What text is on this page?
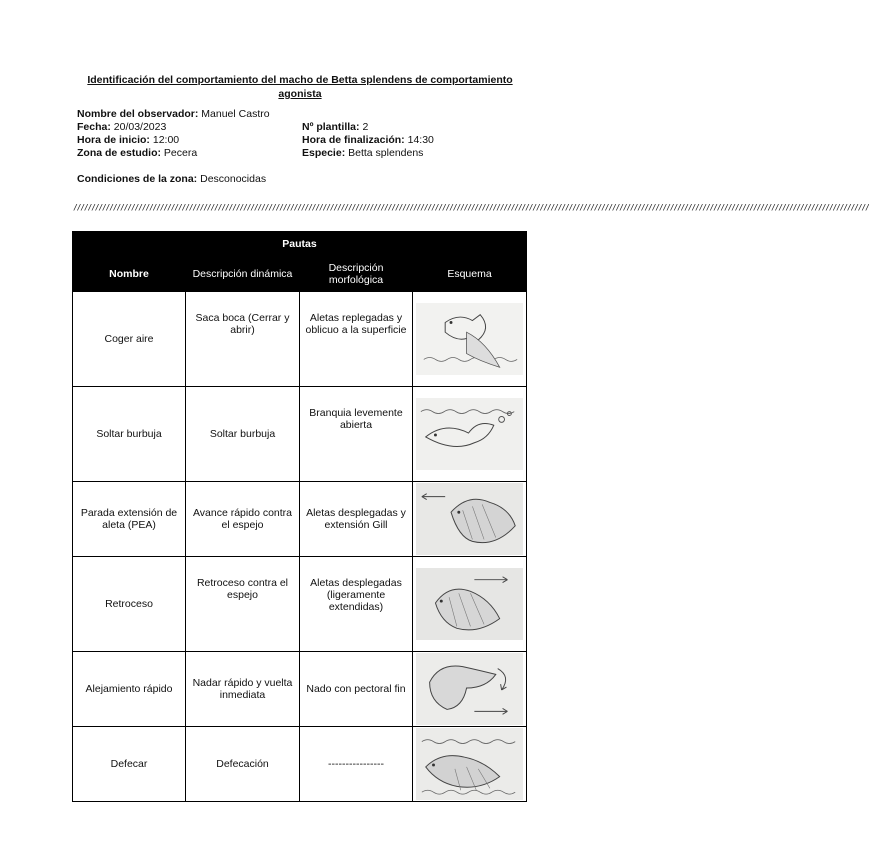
Identificación del comportamiento del macho de Betta splendens de comportamiento agonista
Nombre del observador: Manuel Castro
Fecha: 20/03/2023
Hora de inicio: 12:00
Zona de estudio: Pecera
Nº plantilla: 2
Hora de finalización: 14:30
Especie: Betta splendens
Condiciones de la zona: Desconocidas
////////////////////////////////////////////////////////////////////////////////////////////////////////////////////////////////////////////////////////////////////////////////////////////////////////////////////////////
Pautas			
Nombre	Descripción dinámica	Descripción morfológica	Esquema
Coger aire	Saca boca (Cerrar y abrir)	Aletas replegadas y oblicuo a la superficie	

Soltar burbuja	Soltar burbuja	Branquia levemente abierta	

Parada extensión de aleta (PEA)	Avance rápido contra el espejo	Aletas desplegadas y extensión Gill	

Retroceso	Retroceso contra el espejo	Aletas desplegadas (ligeramente extendidas)	

Alejamiento rápido	Nadar rápido y vuelta inmediata	Nado con pectoral fin	

Defecar	Defecación	----------------	
